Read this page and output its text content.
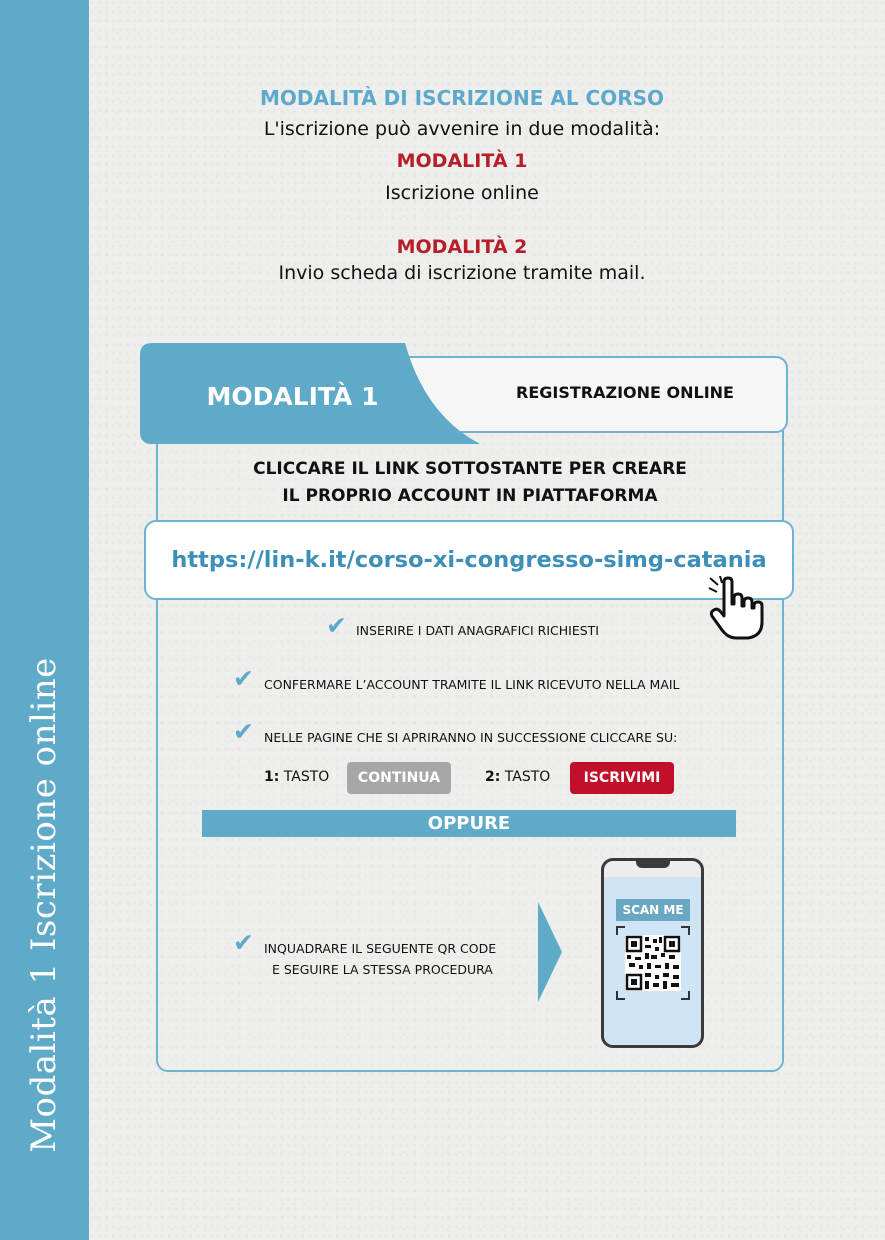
Modalità 1 Iscrizione online
MODALITÀ DI ISCRIZIONE AL CORSO
L'iscrizione può avvenire in due modalità:
MODALITÀ 1
Iscrizione online
MODALITÀ 2
Invio scheda di iscrizione tramite mail.
REGISTRAZIONE ONLINE
MODALITÀ 1
CLICCARE IL LINK SOTTOSTANTE PER CREARE
IL PROPRIO ACCOUNT IN PIATTAFORMA
https://lin-k.it/corso-xi-congresso-simg-catania
✔ INSERIRE I DATI ANAGRAFICI RICHIESTI
✔ CONFERMARE L’ACCOUNT TRAMITE IL LINK RICEVUTO NELLA MAIL
✔ NELLE PAGINE CHE SI APRIRANNO IN SUCCESSIONE CLICCARE SU:
1: TASTO	CONTINUA	2: TASTO	ISCRIVIMI
OPPURE
✔ INQUADRARE IL SEGUENTE QR CODE
E SEGUIRE LA STESSA PROCEDURA
SCAN ME
